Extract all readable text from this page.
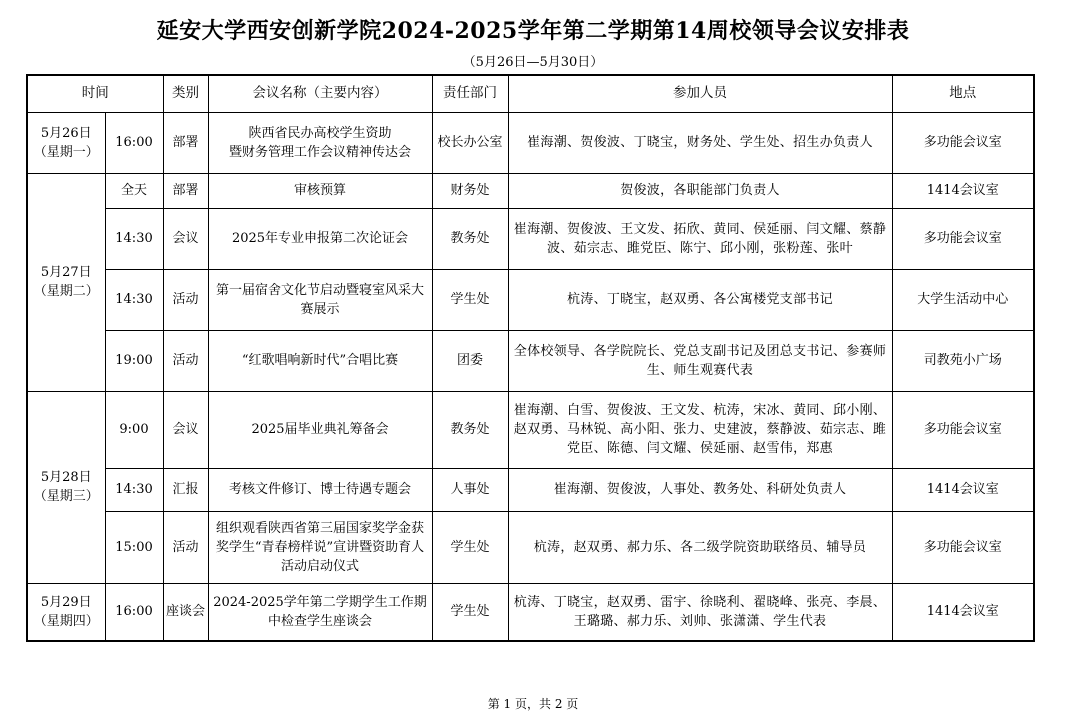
延安大学西安创新学院2024-2025学年第二学期第14周校领导会议安排表
（5月26日—5月30日）
时间		类别	会议名称（主要内容）	责任部门	参加人员	地点

5月26日
（星期一）	16:00	部署	陕西省民办高校学生资助
暨财务管理工作会议精神传达会	校长办公室	崔海潮、贺俊波、丁晓宝，财务处、学生处、招生办负责人	多功能会议室

5月27日
（星期二）	全天	部署	审核预算	财务处	贺俊波，各职能部门负责人	1414会议室
	14:30	会议	2025年专业申报第二次论证会	教务处	崔海潮、贺俊波、王文发、拓欣、黄同、侯延丽、闫文耀、蔡静波、茹宗志、雎党臣、陈宁、邱小刚，张粉莲、张叶	多功能会议室
	14:30	活动	第一届宿舍文化节启动暨寝室风采大赛展示	学生处	杭涛、丁晓宝，赵双勇、各公寓楼党支部书记	大学生活动中心
	19:00	活动	“红歌唱响新时代”合唱比赛	团委	全体校领导、各学院院长、党总支副书记及团总支书记、参赛师生、师生观赛代表	司教苑小广场

5月28日
（星期三）	9:00	会议	2025届毕业典礼筹备会	教务处	崔海潮、白雪、贺俊波、王文发、杭涛，宋冰、黄同、邱小刚、赵双勇、马林锐、高小阳、张力、史建波，蔡静波、茹宗志、雎党臣、陈德、闫文耀、侯延丽、赵雪伟，郑惠	多功能会议室
	14:30	汇报	考核文件修订、博士待遇专题会	人事处	崔海潮、贺俊波，人事处、教务处、科研处负责人	1414会议室
	15:00	活动	组织观看陕西省第三届国家奖学金获奖学生“青春榜样说”宣讲暨资助育人活动启动仪式	学生处	杭涛，赵双勇、郝力乐、各二级学院资助联络员、辅导员	多功能会议室

5月29日
（星期四）	16:00	座谈会	2024-2025学年第二学期学生工作期中检查学生座谈会	学生处	杭涛、丁晓宝，赵双勇、雷宇、徐晓利、翟晓峰、张亮、李晨、王璐璐、郝力乐、刘帅、张潇潇、学生代表	1414会议室
第 1 页，共 2 页
